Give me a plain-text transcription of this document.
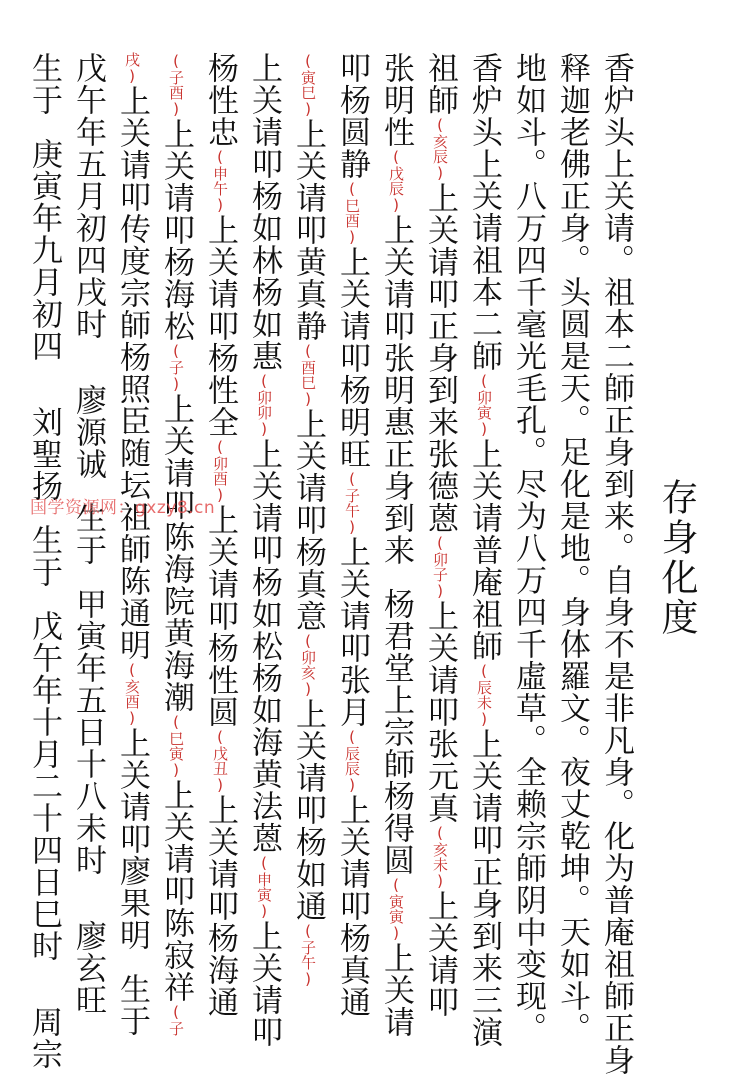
存身化度
香炉头上关请。祖本二師正身到来。自身不是非凡身。化为普庵祖師正身
释迦老佛正身。头圆是天。足化是地。身体羅文。夜丈乾坤。天如斗。
地如斗。八万四千毫光毛孔。尽为八万四千虛草。全赖宗師阴中变现。
香炉头上关请祖本二師(卯寅)上关请普庵祖師(辰未)上关请叩正身到来三演
祖師(亥辰)上关请叩正身到来张德蒽(卯子)上关请叩张元真(亥未)上关请叩
张明性(戊辰)上关请叩张明惠正身到来杨君堂上宗師杨得圆(寅寅)上关请
叩杨圆静(巳酉)上关请叩杨明旺(子午)上关请叩张月(辰辰)上关请叩杨真通
(寅巳)上关请叩黄真静(酉巳)上关请叩杨真意(卯亥)上关请叩杨如通(子午)
上关请叩杨如林杨如惠(卯卯)上关请叩杨如松杨如海黄法蒽(申寅)上关请叩
杨性忠(申午)上关请叩杨性全(卯酉)上关请叩杨性圆(戊丑)上关请叩杨海通
(子酉)上关请叩杨海松(子)上关请叩陈海院黄海潮(巳寅)上关请叩陈寂祥(子
戌)上关请叩传度宗師杨照臣随坛祖師陈通明(亥酉)上关请叩廖果明生于
戊午年五月初四戌时廖源诚生于甲寅年五日十八未时廖玄旺
生于庚寅年九月初四刘聖扬生于戊午年十月二十四日巳时周宗
国学资源网：gxzy8.cn
